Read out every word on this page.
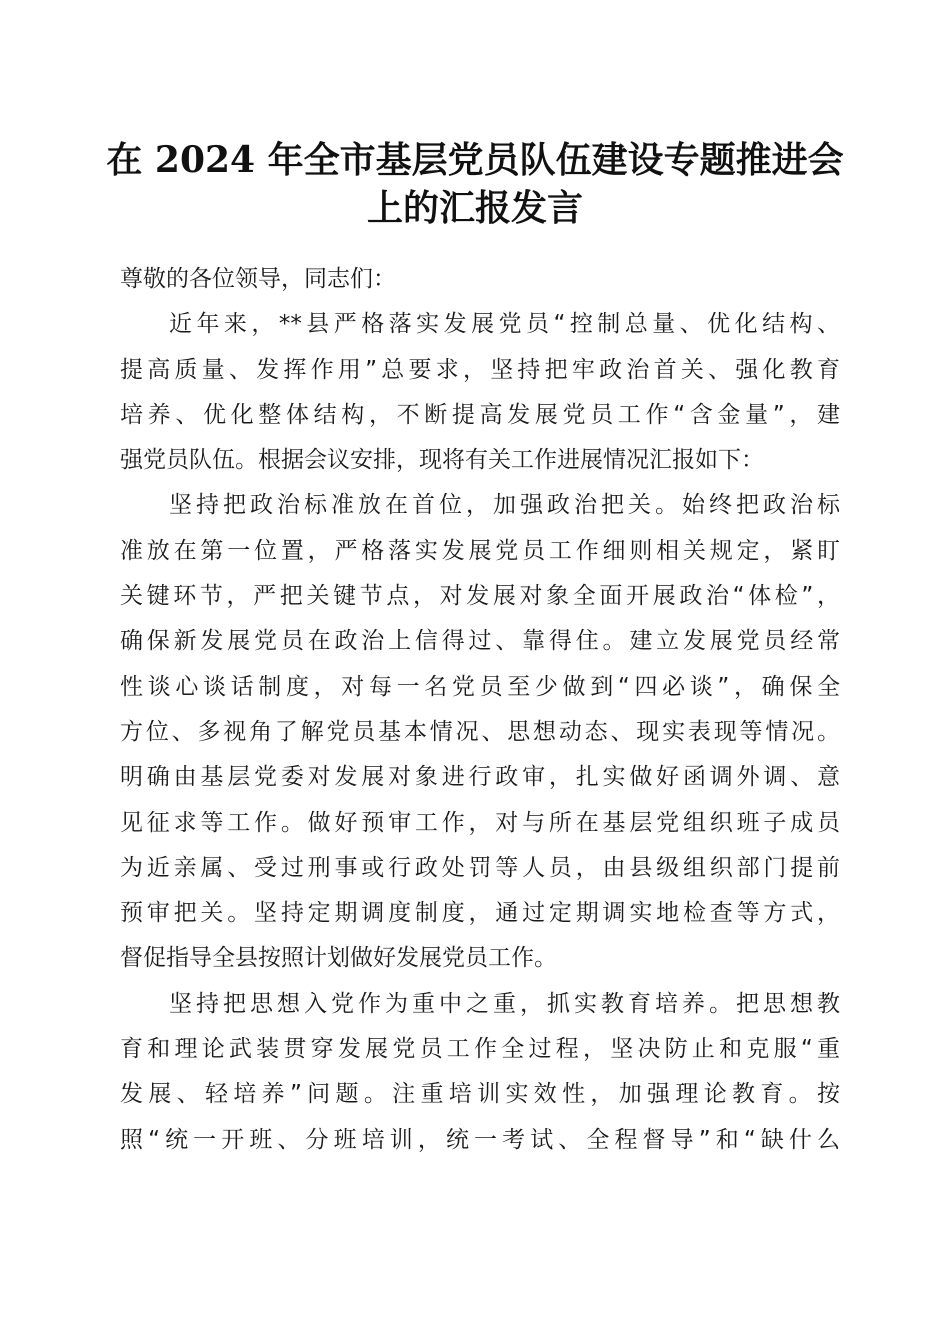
在 2024 年全市基层党员队伍建设专题推进会
上的汇报发言
尊敬的各位领导，同志们：
近年来，**县严格落实发展党员“控制总量、优化结构、
提高质量、发挥作用”总要求，坚持把牢政治首关、强化教育
培养、优化整体结构，不断提高发展党员工作“含金量”，建
强党员队伍。根据会议安排，现将有关工作进展情况汇报如下：
坚持把政治标准放在首位，加强政治把关。始终把政治标
准放在第一位置，严格落实发展党员工作细则相关规定，紧盯
关键环节，严把关键节点，对发展对象全面开展政治“体检”，
确保新发展党员在政治上信得过、靠得住。建立发展党员经常
性谈心谈话制度，对每一名党员至少做到“四必谈”，确保全
方位、多视角了解党员基本情况、思想动态、现实表现等情况。
明确由基层党委对发展对象进行政审，扎实做好函调外调、意
见征求等工作。做好预审工作，对与所在基层党组织班子成员
为近亲属、受过刑事或行政处罚等人员，由县级组织部门提前
预审把关。坚持定期调度制度，通过定期调实地检查等方式，
督促指导全县按照计划做好发展党员工作。
坚持把思想入党作为重中之重，抓实教育培养。把思想教
育和理论武装贯穿发展党员工作全过程，坚决防止和克服“重
发展、轻培养”问题。注重培训实效性，加强理论教育。按
照“统一开班、分班培训，统一考试、全程督导”和“缺什么
